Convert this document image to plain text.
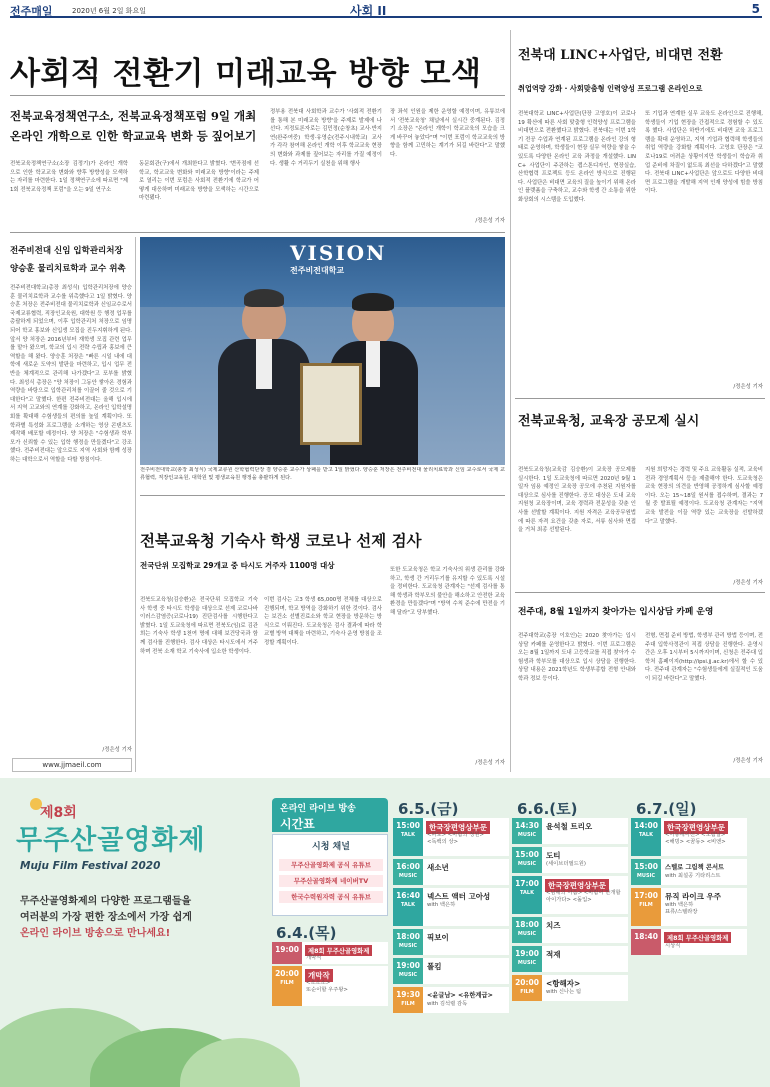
전주매일	2020년 6월 2일 화요일	사회 II	5
사회적 전환기 미래교육 방향 모색
전북교육정책연구소, 전북교육정책포럼 9일 개최
온라인 개학으로 인한 학교교육 변화 등 짚어보기
전북교육정책연구소(소장 김정기)가 온라인 개학으로 인한 학교교육 변화와 향후 방향성을 모색하는 자리를 마련한다. 1일 정책연구소에 따르면 "제1회 전북교육정책 포럼"을 오는 9일 연구소
동문회관(구)에서 개최한다고 밝혔다. '변곡점에 선 학교, 학교교육 변화와 미래교육 방향'이라는 주제로 열리는 이번 포럼은 사회적 전환기에 학교가 어떻게 대응하며 미래교육 방향을 모색하는 시간으로 마련됐다.
정부용 전북대 사회학과 교수가 '사회적 전환기를 통해 본 미래교육 방향'을 주제로 발제에 나선다. 지정토론자로는 김민정(순창초) 교사·반지연(완주여중) 학생·유영순(전주시내학교) 교사가 각각 참여해 온라인 개학 이후 학교교육 현장의 변화와 과제를 짚어보는 자리를 가질 예정이다. 생활 수 거리두기 실천을 위해 행사
장 좌석 인원을 제한 운영할 예정이며, 유튜브에서 '전북교육청' 채널에서 실시간 중계된다. 김정기 소장은 "온라인 개학이 학교교육의 모습을 크게 바꾸어 놓았다"며 "이번 포럼이 학교교육의 방향을 함께 고민하는 계기가 되길 바란다"고 말했다.
/정은성 기자
전주비전대 신임 입학관리처장
양승훈 물리치료학과 교수 위촉
전주비전대학교(총장 최성식) 입학관리처장에 양승훈 물리치료학과 교수를 위촉했다고 1일 밝혔다. 양승훈 처장은 전주비전대 물리치료학과 신임교수로서 국제교류협력, 직장인교육원, 대학원 등 행정 업무를 총괄하게 되었으며, 이후 입학관리처 처장으로 임명되어 학교 홍보와 신입생 모집을 진두지휘하게 된다. 앞서 양 처장은 2016년부터 재학생 모집 관련 업무를 맡아 왔으며, 학교의 입시 전략 수립과 홍보에 큰 역할을 해 왔다. 양승훈 처장은 "빠른 시일 내에 대학에 새로운 도약의 발판을 마련하고, 입시 업무 전반을 체계적으로 관리해 나가겠다"고 포부를 밝혔다. 최성식 총장은 "양 처장이 그동안 쌓아온 경험과 역량을 바탕으로 입학관리처를 이끌어 줄 것으로 기대한다"고 말했다. 한편 전주비전대는 올해 입시에서 지역 고교와의 연계를 강화하고, 온라인 입학설명회를 확대해 수험생들의 편의를 높일 계획이다. 또 학과별 특성화 프로그램을 소개하는 영상 콘텐츠도 제작해 배포할 예정이다. 양 처장은 "수험생과 학부모가 신뢰할 수 있는 입학 행정을 만들겠다"고 강조했다. 전주비전대는 앞으로도 지역 사회와 함께 성장하는 대학으로서 역할을 다할 방침이다.
/정은성 기자
www.jjmaeil.com
VISION
전주비전대학교
전주비전대학교(총장 최성식) 국제교류원 산학협력단장 겸 양승훈 교수가 상패를 받고 1일 밝혔다. 양승훈 처장은 전주비전대 물리치료학과 신임 교수로서 국제 교류협력, 직장인교육원, 대학원 및 평생교육원 행정을 총괄하게 된다.
전북교육청 기숙사 학생 코로나 선제 검사
전국단위 모집학교 29개교 중 타시도 거주자 1100명 대상
전북도교육청(김승환)은 전국단위 모집학교 기숙사 학생 중 타시도 학생을 대상으로 선제 코로나바이러스감염증(코로나19) 진단검사를 시행한다고 밝혔다. 1일 도교육청에 따르면 전북도(임)로 김관희는 기숙사 학생 1천여 명에 대해 보건당국과 함께 검사를 진행한다. 검사 대상은 타시도에서 거주하며 전북 소재 학교 기숙사에 입소한 학생이다.
이번 검사는 고3 학생 65,000명 전체를 대상으로 진행되며, 학교 방역을 강화하기 위한 것이다. 검사는 보건소 선별진료소와 학교 현장을 방문하는 방식으로 이뤄진다. 도교육청은 검사 결과에 따라 학교별 방역 대책을 마련하고, 기숙사 운영 방침을 조정할 계획이다.
또한 도교육청은 학교 기숙사의 위생 관리를 강화하고, 학생 간 거리두기를 유지할 수 있도록 시설을 정비한다. 도교육청 관계자는 "선제 검사를 통해 학생과 학부모의 불안을 해소하고 안전한 교육 환경을 만들겠다"며 "방역 수칙 준수에 만전을 기해 달라"고 당부했다.
/정은성 기자
전북대 LINC+사업단, 비대면 전환
취업역량 강화 · 사회맞춤형 인력양성 프로그램 온라인으로
전북대학교 LINC+사업단(단장 고영호)이 코로나19 확산에 따른 사회 맞춤형 인력양성 프로그램을 비대면으로 전환했다고 밝혔다. 전북대는 이번 1학기 전공 수업과 연계된 프로그램을 온라인 강의 형태로 운영하며, 학생들이 현장 실무 역량을 쌓을 수 있도록 다양한 온라인 교육 과정을 개설했다. LINC+ 사업단이 주관하는 캡스톤디자인, 현장실습, 산학협력 프로젝트 등도 온라인 방식으로 진행된다. 사업단은 비대면 교육의 질을 높이기 위해 온라인 플랫폼을 구축하고, 교수와 학생 간 소통을 위한 화상회의 시스템을 도입했다.
또 기업과 연계한 실무 교육도 온라인으로 진행해, 학생들이 기업 현장을 간접적으로 경험할 수 있도록 했다. 사업단은 하반기에도 비대면 교육 프로그램을 확대 운영하고, 지역 기업과 협력해 학생들의 취업 역량을 강화할 계획이다. 고영호 단장은 "코로나19로 어려운 상황이지만 학생들이 학습과 취업 준비에 차질이 없도록 최선을 다하겠다"고 말했다. 전북대 LINC+사업단은 앞으로도 다양한 비대면 프로그램을 개발해 지역 인재 양성에 힘쓸 방침이다.
/정은성 기자
전북교육청, 교육장 공모제 실시
전북도교육청(교육감 김승환)이 교육장 공모제를 실시한다. 1일 도교육청에 따르면 2020년 9월 1일자 임용 예정인 교육장 공모에 추천된 지원자를 대상으로 심사를 진행한다. 공모 대상은 도내 교육지원청 교육장이며, 교육 경력과 전문성을 갖춘 인사를 선발할 계획이다. 지원 자격은 교육공무원법에 따른 자격 요건을 갖춘 자로, 서류 심사와 면접을 거쳐 최종 선발된다.
지원 희망자는 경력 및 주요 교육활동 실적, 교육비전과 경영계획서 등을 제출해야 한다. 도교육청은 교육 현장의 의견을 반영해 공정하게 심사할 예정이다. 오는 15~18일 원서를 접수하며, 결과는 7월 중 발표될 예정이다. 도교육청 관계자는 "지역 교육 발전을 이끌 역량 있는 교육장을 선발하겠다"고 말했다.
/정은성 기자
전주대, 8월 1일까지 찾아가는 입시상담 카페 운영
전주대학교(총장 이호인)는 2020 찾아가는 입시상담 카페를 운영한다고 밝혔다. 이번 프로그램은 오는 8월 1일까지 도내 고등학교를 직접 찾아가 수험생과 학부모를 대상으로 입시 상담을 진행한다. 상담 내용은 2021학년도 학생부종합 전형 안내와 학과 정보 등이다.
전형, 면접 준비 방법, 학생부 관리 방법 등이며, 전주대 입학사정관이 직접 상담을 진행한다. 운영시간은 오후 1시부터 5시까지이며, 신청은 전주대 입학처 홈페이지(http://ipsi.jj.ac.kr)에서 할 수 있다. 전주대 관계자는 "수험생들에게 실질적인 도움이 되길 바란다"고 말했다.
/정은성 기자
제8회
무주산골영화제
Muju Film Festival 2020
무주산골영화제의 다양한 프로그램들을
여러분의 가장 편한 장소에서 가장 쉽게
온라인 라이브 방송으로 만나세요!
온라인 라이브 방송
시간표
시청 채널
무주산골영화제 공식 유튜브
무주산골영화제 네이버TV
한국수력원자력 공식 유튜브
6.4.(목)
19:00	제8회 무주산골영화제
개막식
20:00
FILM
개막작
<소소소>
또순이할 우주왕>
6.5.(금)
15:00
TALK
한국장편영상부문
<파도> <바람의 정원>
<독백의 상>
16:00
MUSIC
새소년
16:40
TALK
넥스트 액터 고아성
with 백은하
18:00
MUSIC
픽보이
19:00
MUSIC
폴킴
19:30
FILM
<윤글남> <유한계급>
with 김석렬 감독
6.6.(토)
14:30
MUSIC
윤석철 트리오
15:00
MUSIC
도티
(세이브더필드원)
17:00
TALK
한국장편영상부문
<남해의 아픔> <바람이 만개할
아이가다> <돌입>
18:00
MUSIC
치즈
19:00
MUSIC
적재
20:00
FILM
<항해자>
with 신나는 팀
6.7.(일)
14:00
TALK
한국장편영상부문
<아동세이션> <오람날>
<해빙> <꿈동> <비엔>
15:00
MUSIC
스텔로 그림책 콘서트
with 최설공 기타리스트
17:00
FILM
뮤직 라이크 우주
with 백은하
표류/스텔라장
18:40	제8회 무주산골영화제
시상식
